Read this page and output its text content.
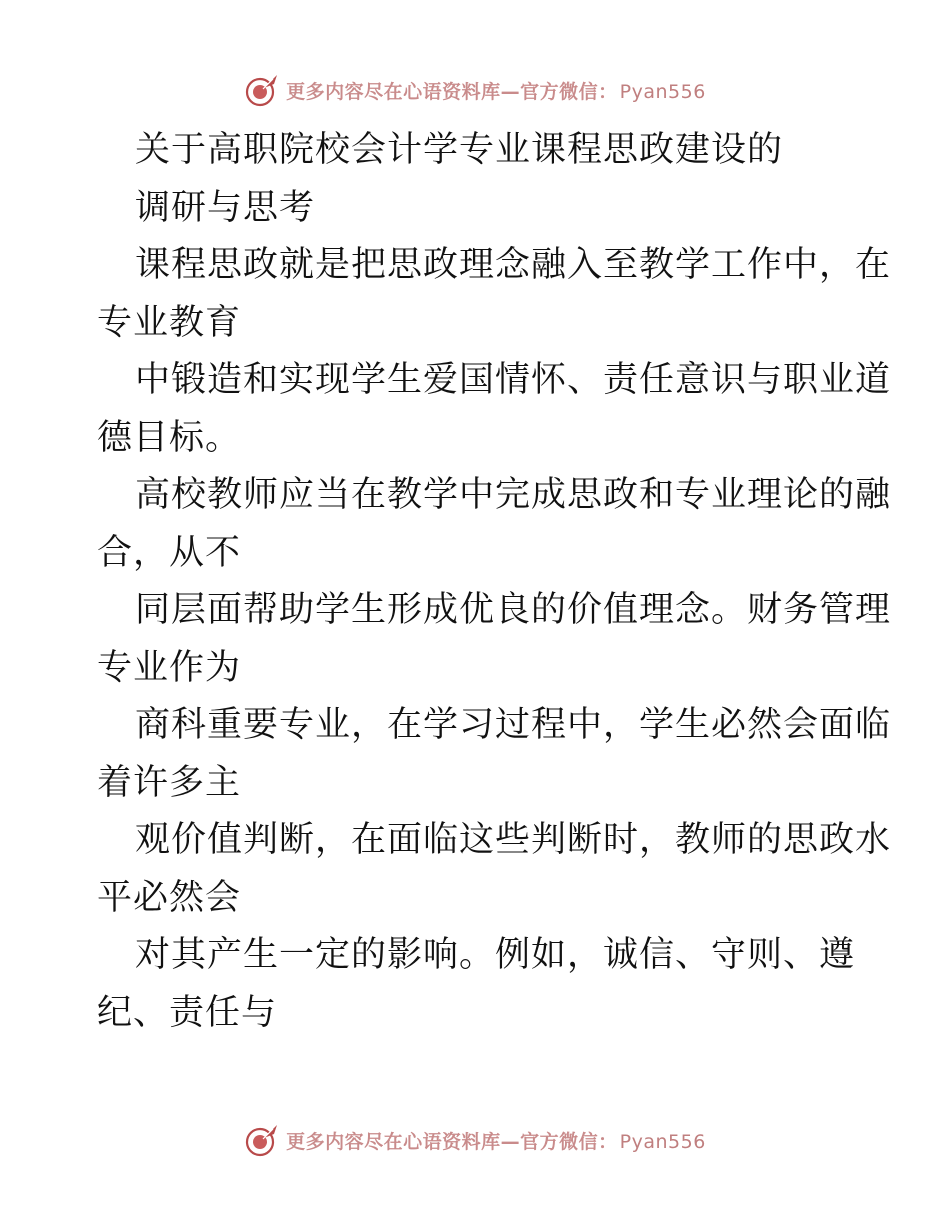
更多内容尽在心语资料库—官方微信： Pyan556
关于高职院校会计学专业课程思政建设的
调研与思考
课程思政就是把思政理念融入至教学工作中，在
专业教育
中锻造和实现学生爱国情怀、责任意识与职业道
德目标。
高校教师应当在教学中完成思政和专业理论的融
合，从不
同层面帮助学生形成优良的价值理念。财务管理
专业作为
商科重要专业，在学习过程中，学生必然会面临
着许多主
观价值判断，在面临这些判断时，教师的思政水
平必然会
对其产生一定的影响。例如，诚信、守则、遵
纪、责任与
更多内容尽在心语资料库—官方微信： Pyan556
